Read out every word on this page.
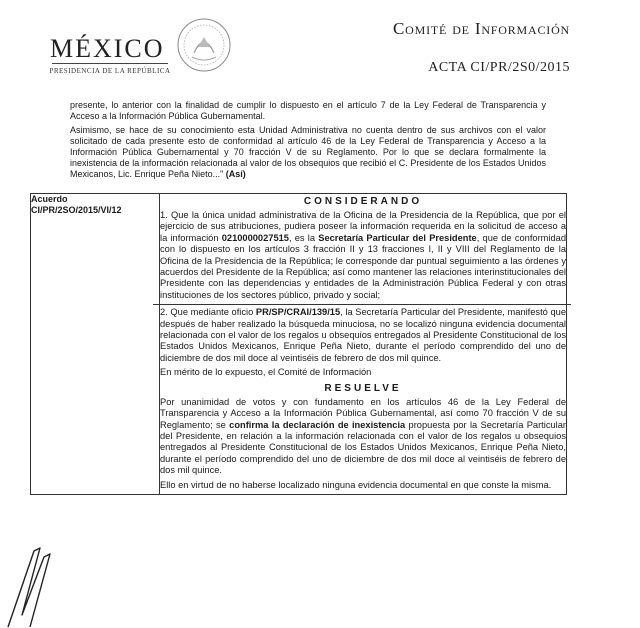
MÉXICO
PRESIDENCIA DE LA REPÚBLICA
Comité de Información
ACTA CI/PR/2S0/2015

presente, lo anterior con la finalidad de cumplir lo dispuesto en el artículo 7 de la Ley Federal de Transparencia y Acceso a la Información Pública Gubernamental.

Asimismo, se hace de su conocimiento esta Unidad Administrativa no cuenta dentro de sus archivos con el valor solicitado de cada presente esto de conformidad al artículo 46 de la Ley Federal de Transparencia y Acceso a la Información Pública Gubernamental y 70 fracción V de su Reglamento. Por lo que se declara formalmente la inexistencia de la información relacionada al valor de los obsequios que recibió el C. Presidente de los Estados Unidos Mexicanos, Lic. Enrique Peña Nieto..." (Así)

Acuerdo
CI/PR/2SO/2015/VI/12

CONSIDERANDO

1. Que la única unidad administrativa de la Oficina de la Presidencia de la República, que por el ejercicio de sus atribuciones, pudiera poseer la información requerida en la solicitud de acceso a la información 0210000027515, es la Secretaría Particular del Presidente, que de conformidad con lo dispuesto en los artículos 3 fracción II y 13 fracciones I, II y VIII del Reglamento de la Oficina de la Presidencia de la República; le corresponde dar puntual seguimiento a las órdenes y acuerdos del Presidente de la República; así como mantener las relaciones interinstitucionales del Presidente con las dependencias y entidades de la Administración Pública Federal y con otras instituciones de los sectores público, privado y social;

2. Que mediante oficio PR/SP/CRAI/139/15, la Secretaría Particular del Presidente, manifestó que después de haber realizado la búsqueda minuciosa, no se localizó ninguna evidencia documental relacionada con el valor de los regalos u obsequios entregados al Presidente Constitucional de los Estados Unidos Mexicanos, Enrique Peña Nieto, durante el período comprendido del uno de diciembre de dos mil doce al veintiséis de febrero de dos mil quince.

En mérito de lo expuesto, el Comité de Información

RESUELVE

Por unanimidad de votos y con fundamento en los artículos 46 de la Ley Federal de Transparencia y Acceso a la Información Pública Gubernamental, así como 70 fracción V de su Reglamento; se confirma la declaración de inexistencia propuesta por la Secretaría Particular del Presidente, en relación a la información relacionada con el valor de los regalos u obsequios entregados al Presidente Constitucional de los Estados Unidos Mexicanos, Enrique Peña Nieto, durante el período comprendido del uno de diciembre de dos mil doce al veintiséis de febrero de dos mil quince.

Ello en virtud de no haberse localizado ninguna evidencia documental en que conste la misma.
